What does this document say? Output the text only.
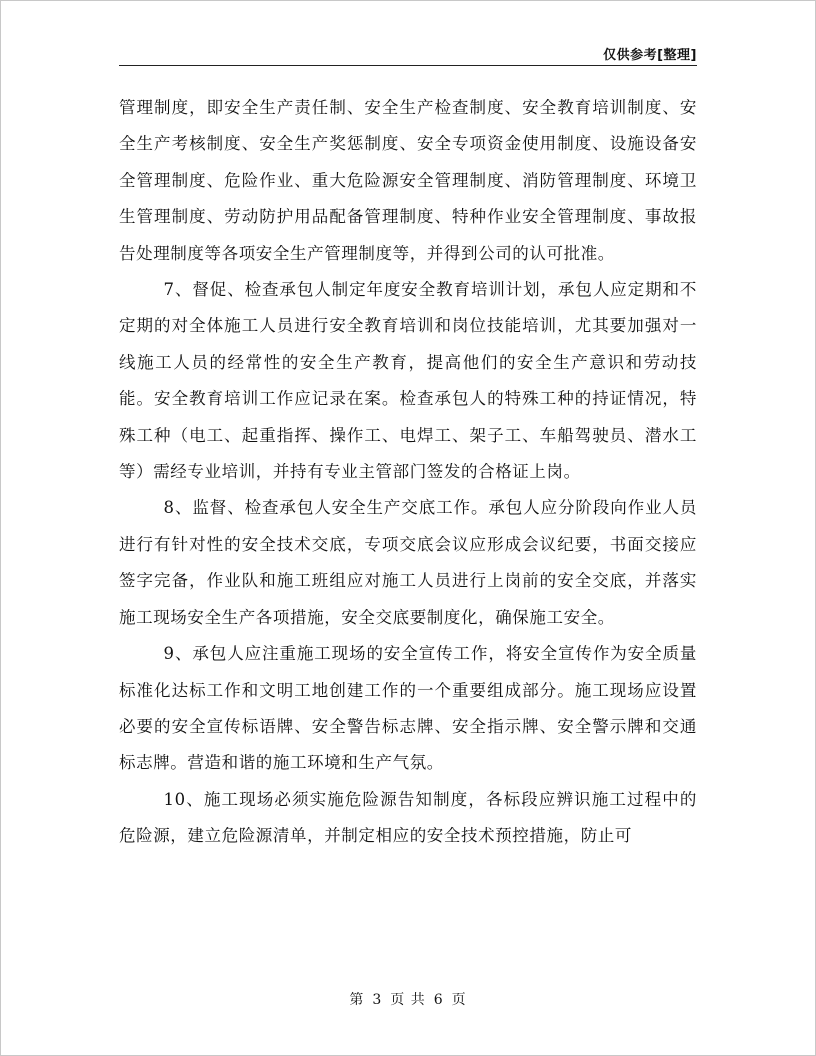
仅供参考[整理]

管理制度，即安全生产责任制、安全生产检查制度、安全教育培训制度、安全生产考核制度、安全生产奖惩制度、安全专项资金使用制度、设施设备安全管理制度、危险作业、重大危险源安全管理制度、消防管理制度、环境卫生管理制度、劳动防护用品配备管理制度、特种作业安全管理制度、事故报告处理制度等各项安全生产管理制度等，并得到公司的认可批准。

7、督促、检查承包人制定年度安全教育培训计划，承包人应定期和不定期的对全体施工人员进行安全教育培训和岗位技能培训，尤其要加强对一线施工人员的经常性的安全生产教育，提高他们的安全生产意识和劳动技能。安全教育培训工作应记录在案。检查承包人的特殊工种的持证情况，特殊工种（电工、起重指挥、操作工、电焊工、架子工、车船驾驶员、潜水工等）需经专业培训，并持有专业主管部门签发的合格证上岗。

8、监督、检查承包人安全生产交底工作。承包人应分阶段向作业人员进行有针对性的安全技术交底，专项交底会议应形成会议纪要，书面交接应签字完备，作业队和施工班组应对施工人员进行上岗前的安全交底，并落实施工现场安全生产各项措施，安全交底要制度化，确保施工安全。

9、承包人应注重施工现场的安全宣传工作，将安全宣传作为安全质量标准化达标工作和文明工地创建工作的一个重要组成部分。施工现场应设置必要的安全宣传标语牌、安全警告标志牌、安全指示牌、安全警示牌和交通标志牌。营造和谐的施工环境和生产气氛。

10、施工现场必须实施危险源告知制度，各标段应辨识施工过程中的危险源，建立危险源清单，并制定相应的安全技术预控措施，防止可

第 3 页 共 6 页
